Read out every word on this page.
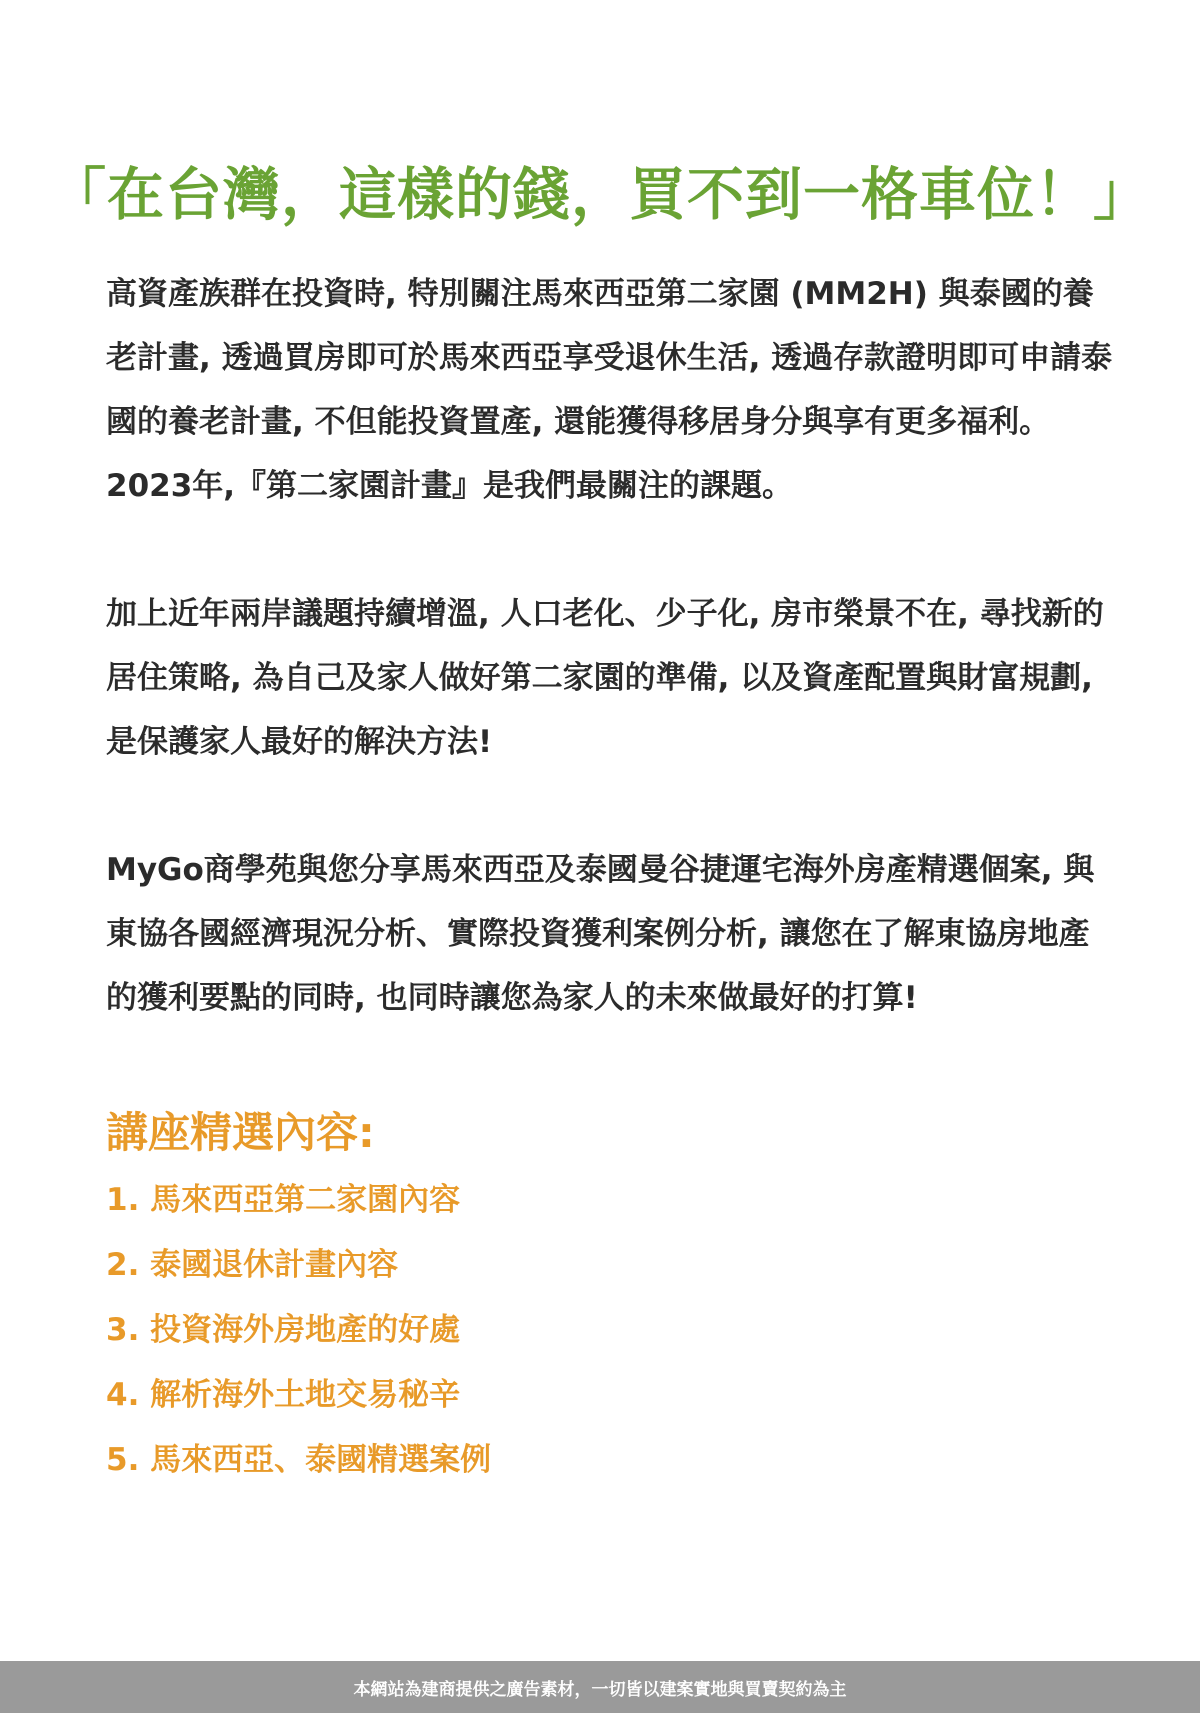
「在台灣，這樣的錢，買不到一格車位！」

高資產族群在投資時, 特別關注馬來西亞第二家園 (MM2H) 與泰國的養老計畫, 透過買房即可於馬來西亞享受退休生活, 透過存款證明即可申請泰國的養老計畫, 不但能投資置產, 還能獲得移居身分與享有更多福利。2023年,『第二家園計畫』是我們最關注的課題。

加上近年兩岸議題持續增溫, 人口老化、少子化, 房市榮景不在, 尋找新的居住策略, 為自己及家人做好第二家園的準備, 以及資產配置與財富規劃, 是保護家人最好的解決方法!

MyGo商學苑與您分享馬來西亞及泰國曼谷捷運宅海外房產精選個案, 與東協各國經濟現況分析、實際投資獲利案例分析, 讓您在了解東協房地產的獲利要點的同時, 也同時讓您為家人的未來做最好的打算!

講座精選內容:
1. 馬來西亞第二家園內容
2. 泰國退休計畫內容
3. 投資海外房地產的好處
4. 解析海外土地交易秘辛
5. 馬來西亞、泰國精選案例
本網站為建商提供之廣告素材，一切皆以建案實地與買賣契約為主
